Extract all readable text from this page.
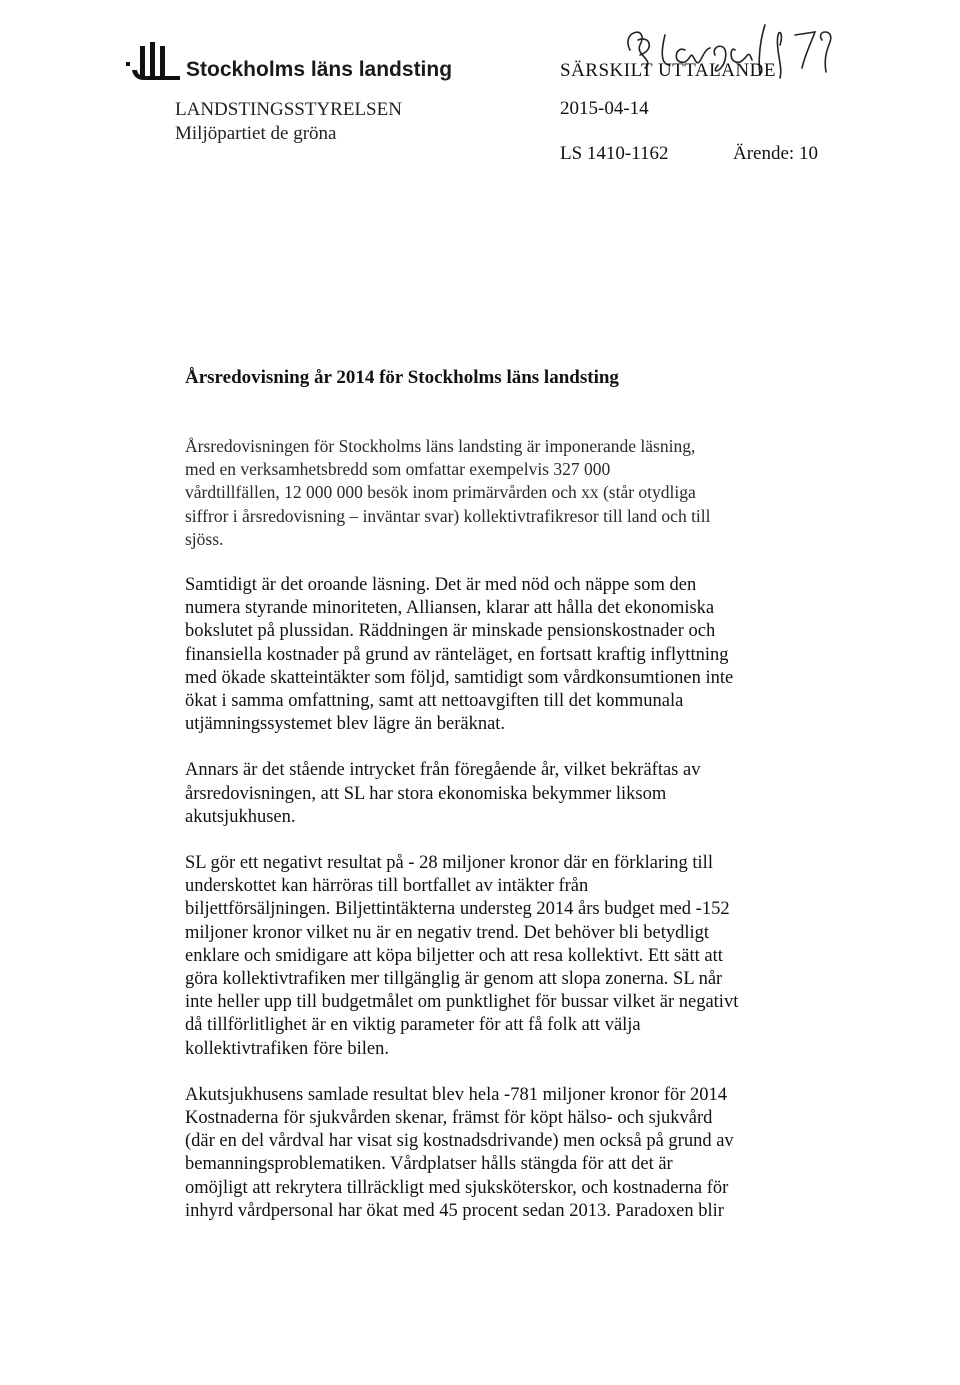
Stockholms läns landsting
LANDSTINGSSTYRELSEN
Miljöpartiet de gröna
SÄRSKILT UTTALANDE
2015-04-14
LS 1410-1162	Ärende: 10
Årsredovisning år 2014 för Stockholms läns landsting

Årsredovisningen för Stockholms läns landsting är imponerande läsning,
med en verksamhetsbredd som omfattar exempelvis 327 000
vårdtillfällen, 12 000 000 besök inom primärvården och xx (står otydliga
siffror i årsredovisning – inväntar svar) kollektivtrafikresor till land och till
sjöss.

Samtidigt är det oroande läsning. Det är med nöd och näppe som den
numera styrande minoriteten, Alliansen, klarar att hålla det ekonomiska
bokslutet på plussidan. Räddningen är minskade pensionskostnader och
finansiella kostnader på grund av ränteläget, en fortsatt kraftig inflyttning
med ökade skatteintäkter som följd, samtidigt som vårdkonsumtionen inte
ökat i samma omfattning, samt att nettoavgiften till det kommunala
utjämningssystemet blev lägre än beräknat.

Annars är det stående intrycket från föregående år, vilket bekräftas av
årsredovisningen, att SL har stora ekonomiska bekymmer liksom
akutsjukhusen.

SL gör ett negativt resultat på - 28 miljoner kronor där en förklaring till
underskottet kan härröras till bortfallet av intäkter från
biljettförsäljningen. Biljettintäkterna understeg 2014 års budget med -152
miljoner kronor vilket nu är en negativ trend. Det behöver bli betydligt
enklare och smidigare att köpa biljetter och att resa kollektivt. Ett sätt att
göra kollektivtrafiken mer tillgänglig är genom att slopa zonerna. SL når
inte heller upp till budgetmålet om punktlighet för bussar vilket är negativt
då tillförlitlighet är en viktig parameter för att få folk att välja
kollektivtrafiken före bilen.

Akutsjukhusens samlade resultat blev hela -781 miljoner kronor för 2014
Kostnaderna för sjukvården skenar, främst för köpt hälso- och sjukvård
(där en del vårdval har visat sig kostnadsdrivande) men också på grund av
bemanningsproblematiken. Vårdplatser hålls stängda för att det är
omöjligt att rekrytera tillräckligt med sjuksköterskor, och kostnaderna för
inhyrd vårdpersonal har ökat med 45 procent sedan 2013. Paradoxen blir
